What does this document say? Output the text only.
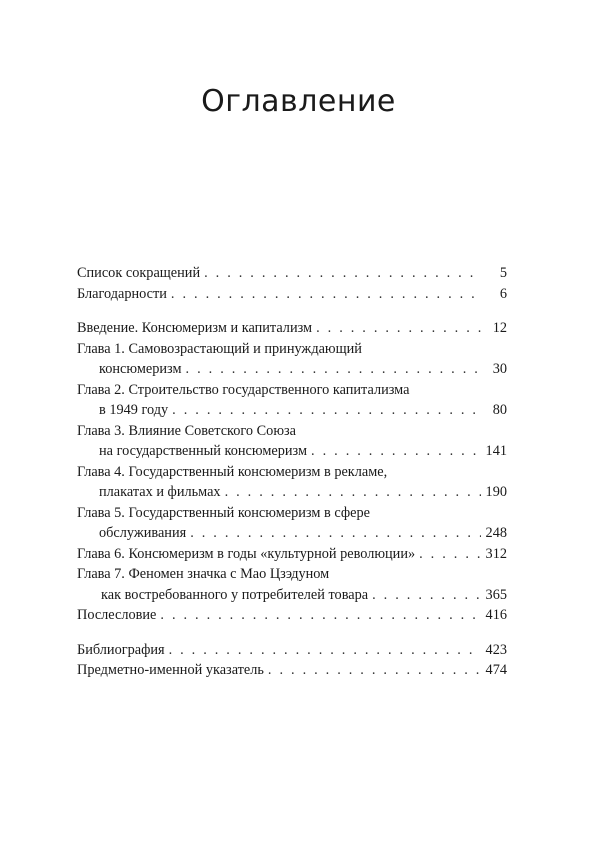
Оглавление
Список сокращений . . .	5
Благодарности . . .	6
Введение. Консюмеризм и капитализм . . .	12
Глава 1. Самовозрастающий и принуждающий
консюмеризм . . .	30
Глава 2. Строительство государственного капитализма
в 1949 году . . .	80
Глава 3. Влияние Советского Союза
на государственный консюмеризм . . .	141
Глава 4. Государственный консюмеризм в рекламе,
плакатах и фильмах . . .	190
Глава 5. Государственный консюмеризм в сфере
обслуживания . . .	248
Глава 6. Консюмеризм в годы «культурной революции» . . .	312
Глава 7. Феномен значка с Мао Цзэдуном
как востребованного у потребителей товара . . .	365
Послесловие . . .	416
Библиография . . .	423
Предметно-именной указатель . . .	474
